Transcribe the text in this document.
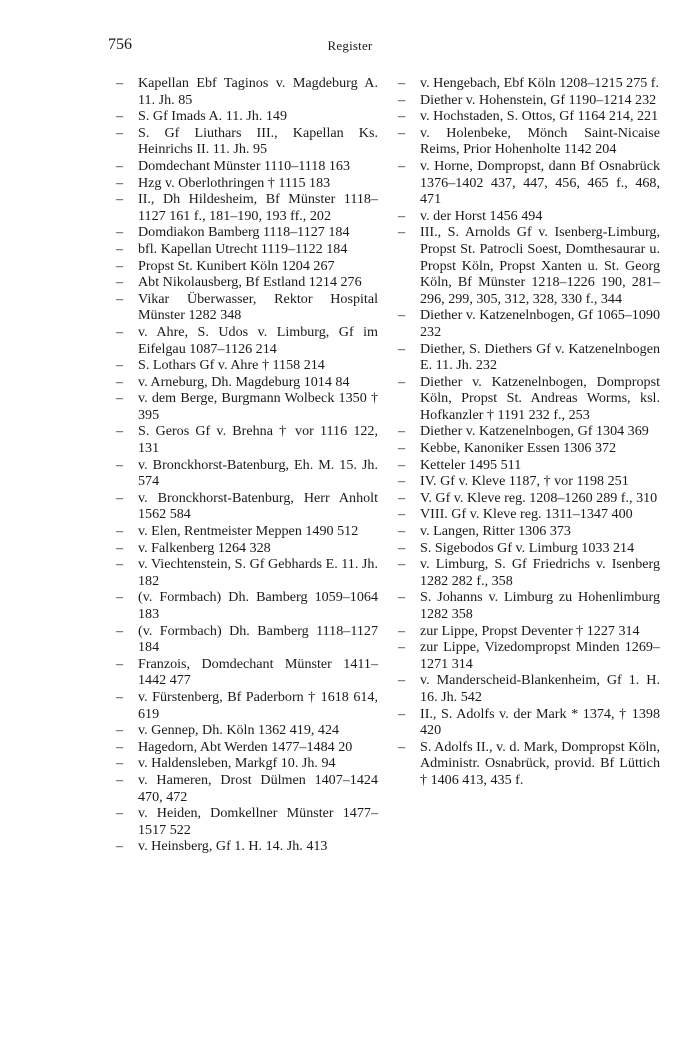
756	Register
– Kapellan Ebf Taginos v. Magdeburg A. 11. Jh. 85
– S. Gf Imads A. 11. Jh. 149
– S. Gf Liuthars III., Kapellan Ks. Heinrichs II. 11. Jh. 95
– Domdechant Münster 1110–1118 163
– Hzg v. Oberlothringen † 1115 183
– II., Dh Hildesheim, Bf Münster 1118–1127 161 f., 181–190, 193 ff., 202
– Domdiakon Bamberg 1118–1127 184
– bfl. Kapellan Utrecht 1119–1122 184
– Propst St. Kunibert Köln 1204 267
– Abt Nikolausberg, Bf Estland 1214 276
– Vikar Überwasser, Rektor Hospital Münster 1282 348
– v. Ahre, S. Udos v. Limburg, Gf im Eifelgau 1087–1126 214
– S. Lothars Gf v. Ahre † 1158 214
– v. Arneburg, Dh. Magdeburg 1014 84
– v. dem Berge, Burgmann Wolbeck 1350 † 395
– S. Geros Gf v. Brehna † vor 1116 122, 131
– v. Bronckhorst-Batenburg, Eh. M. 15. Jh. 574
– v. Bronckhorst-Batenburg, Herr Anholt 1562 584
– v. Elen, Rentmeister Meppen 1490 512
– v. Falkenberg 1264 328
– v. Viechtenstein, S. Gf Gebhards E. 11. Jh. 182
– (v. Formbach) Dh. Bamberg 1059–1064 183
– (v. Formbach) Dh. Bamberg 1118–1127 184
– Franzois, Domdechant Münster 1411–1442 477
– v. Fürstenberg, Bf Paderborn † 1618 614, 619
– v. Gennep, Dh. Köln 1362 419, 424
– Hagedorn, Abt Werden 1477–1484 20
– v. Haldensleben, Markgf 10. Jh. 94
– v. Hameren, Drost Dülmen 1407–1424 470, 472
– v. Heiden, Domkellner Münster 1477–1517 522
– v. Heinsberg, Gf 1. H. 14. Jh. 413
– v. Hengebach, Ebf Köln 1208–1215 275 f.
– Diether v. Hohenstein, Gf 1190–1214 232
– v. Hochstaden, S. Ottos, Gf 1164 214, 221
– v. Holenbeke, Mönch Saint-Nicaise Reims, Prior Hohenholte 1142 204
– v. Horne, Dompropst, dann Bf Osnabrück 1376–1402 437, 447, 456, 465 f., 468, 471
– v. der Horst 1456 494
– III., S. Arnolds Gf v. Isenberg-Limburg, Propst St. Patrocli Soest, Domthesaurar u. Propst Köln, Propst Xanten u. St. Georg Köln, Bf Münster 1218–1226 190, 281–296, 299, 305, 312, 328, 330 f., 344
– Diether v. Katzenelnbogen, Gf 1065–1090 232
– Diether, S. Diethers Gf v. Katzenelnbogen E. 11. Jh. 232
– Diether v. Katzenelnbogen, Dompropst Köln, Propst St. Andreas Worms, ksl. Hofkanzler † 1191 232 f., 253
– Diether v. Katzenelnbogen, Gf 1304 369
– Kebbe, Kanoniker Essen 1306 372
– Ketteler 1495 511
– IV. Gf v. Kleve 1187, † vor 1198 251
– V. Gf v. Kleve reg. 1208–1260 289 f., 310
– VIII. Gf v. Kleve reg. 1311–1347 400
– v. Langen, Ritter 1306 373
– S. Sigebodos Gf v. Limburg 1033 214
– v. Limburg, S. Gf Friedrichs v. Isenberg 1282 282 f., 358
– S. Johanns v. Limburg zu Hohenlimburg 1282 358
– zur Lippe, Propst Deventer † 1227 314
– zur Lippe, Vizedompropst Minden 1269–1271 314
– v. Manderscheid-Blankenheim, Gf 1. H. 16. Jh. 542
– II., S. Adolfs v. der Mark * 1374, † 1398 420
– S. Adolfs II., v. d. Mark, Dompropst Köln, Administr. Osnabrück, provid. Bf Lüttich † 1406 413, 435 f.
